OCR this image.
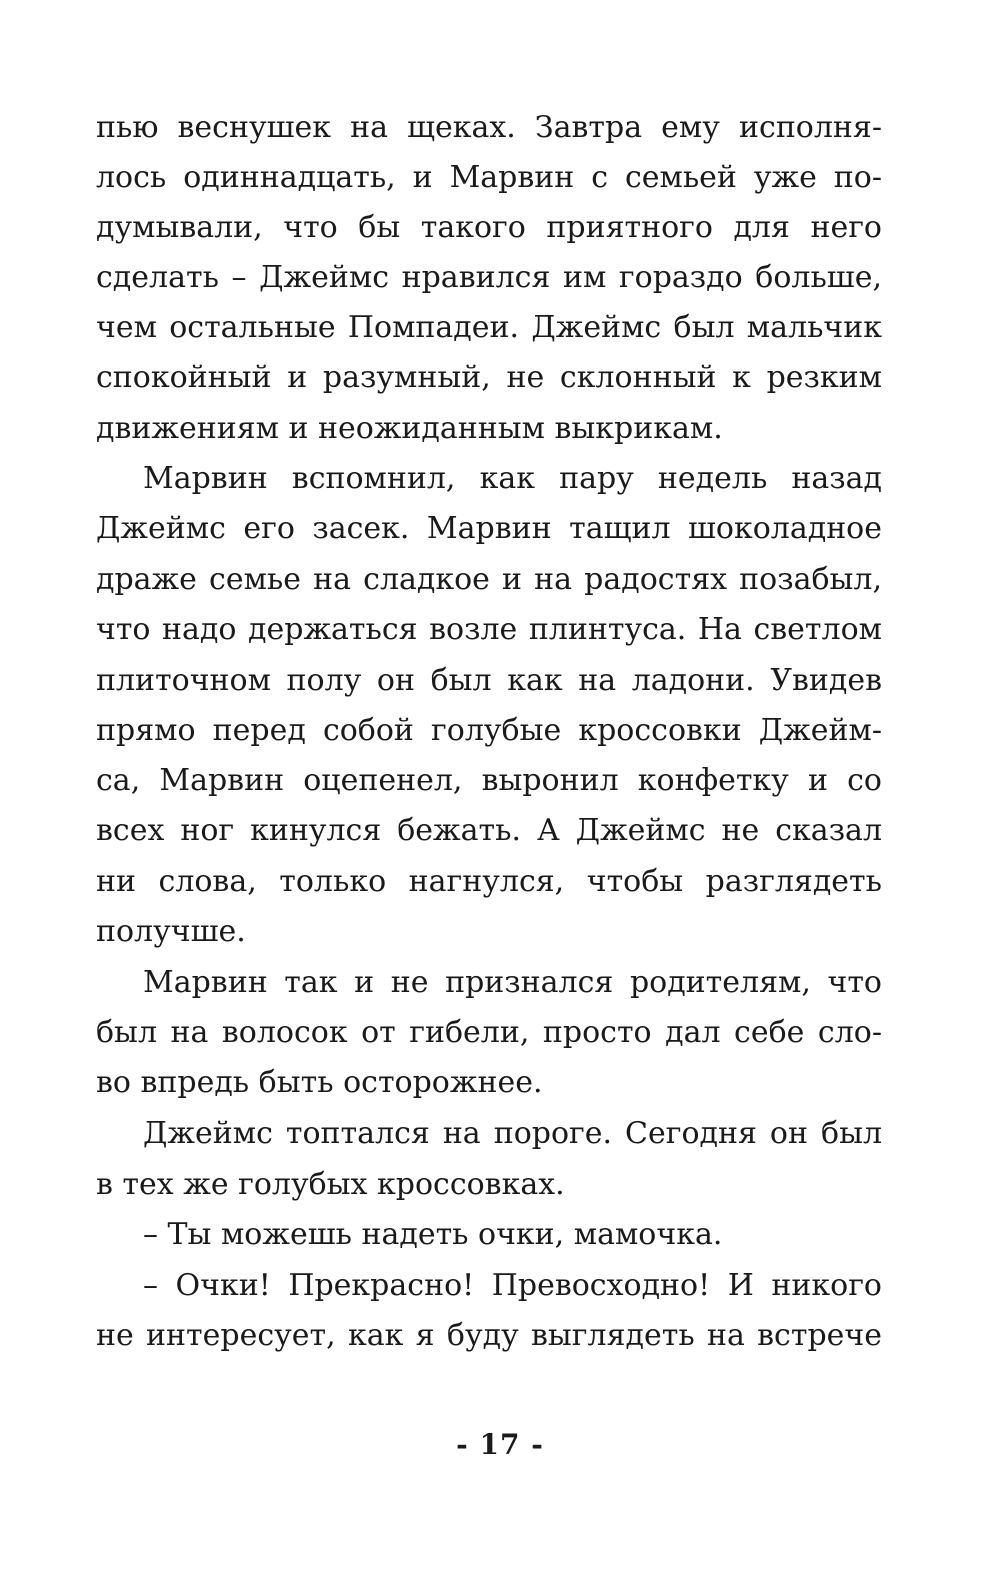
пью веснушек на щеках. Завтра ему исполня-
лось одиннадцать, и Марвин с семьей уже по-
думывали, что бы такого приятного для него
сделать – Джеймс нравился им гораздо больше,
чем остальные Помпадеи. Джеймс был мальчик
спокойный и разумный, не склонный к резким
движениям и неожиданным выкрикам.
Марвин вспомнил, как пару недель назад
Джеймс его засек. Марвин тащил шоколадное
драже семье на сладкое и на радостях позабыл,
что надо держаться возле плинтуса. На светлом
плиточном полу он был как на ладони. Увидев
прямо перед собой голубые кроссовки Джейм-
са, Марвин оцепенел, выронил конфетку и со
всех ног кинулся бежать. А Джеймс не сказал
ни слова, только нагнулся, чтобы разглядеть
получше.
Марвин так и не признался родителям, что
был на волосок от гибели, просто дал себе сло-
во впредь быть осторожнее.
Джеймс топтался на пороге. Сегодня он был
в тех же голубых кроссовках.
– Ты можешь надеть очки, мамочка.
– Очки! Прекрасно! Превосходно! И никого
не интересует, как я буду выглядеть на встрече
- 17 -
